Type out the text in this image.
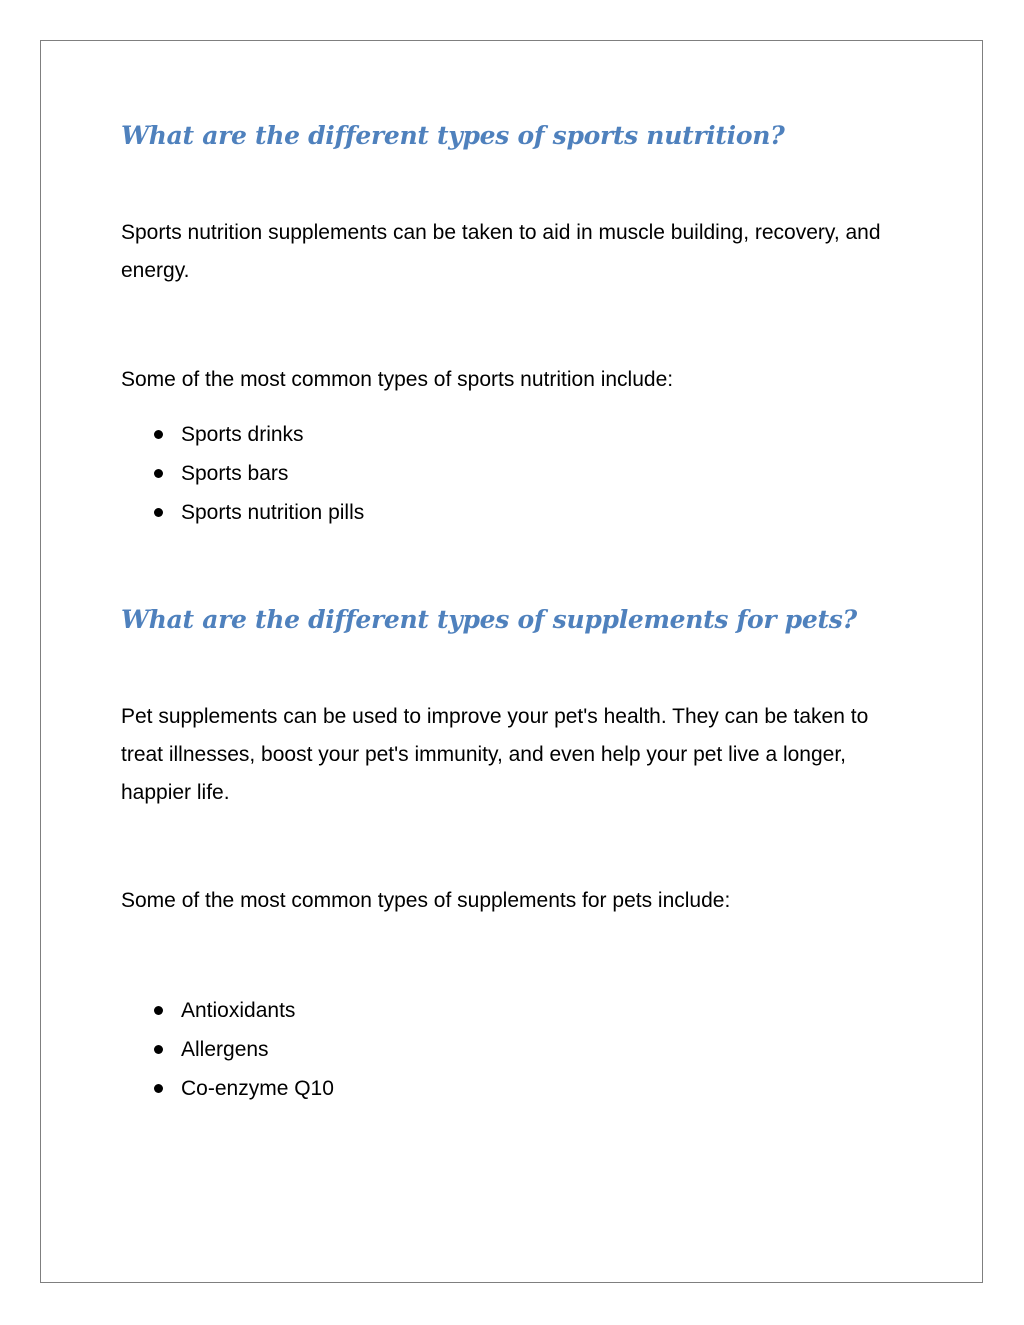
What are the different types of sports nutrition?

Sports nutrition supplements can be taken to aid in muscle building, recovery, and energy.

Some of the most common types of sports nutrition include:

Sports drinks
Sports bars
Sports nutrition pills
What are the different types of supplements for pets?

Pet supplements can be used to improve your pet's health. They can be taken to treat illnesses, boost your pet's immunity, and even help your pet live a longer, happier life.

Some of the most common types of supplements for pets include:

Antioxidants
Allergens
Co-enzyme Q10
